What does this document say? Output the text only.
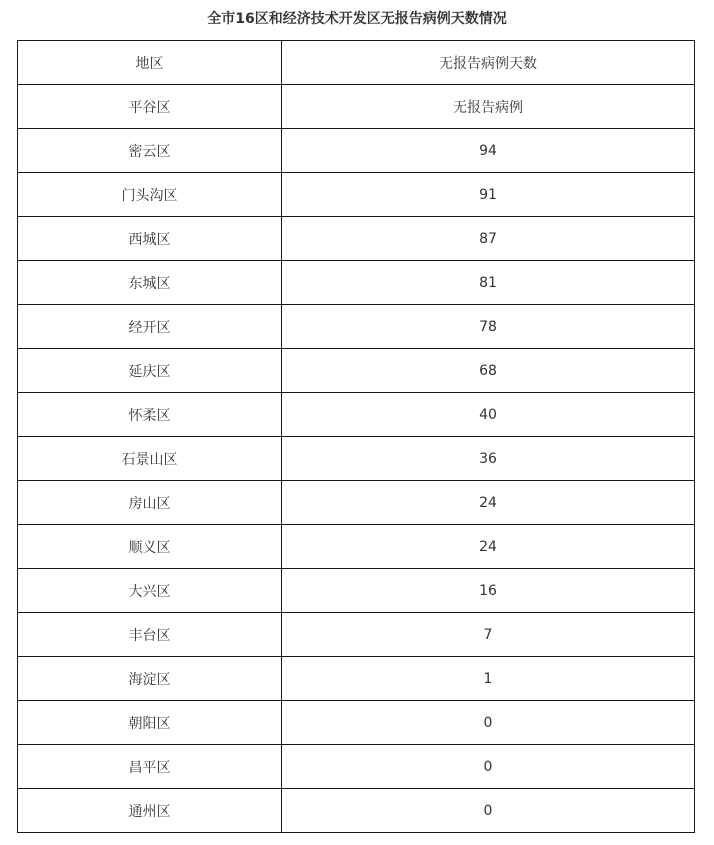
全市16区和经济技术开发区无报告病例天数情况
地区	无报告病例天数
平谷区	无报告病例
密云区	94
门头沟区	91
西城区	87
东城区	81
经开区	78
延庆区	68
怀柔区	40
石景山区	36
房山区	24
顺义区	24
大兴区	16
丰台区	7
海淀区	1
朝阳区	0
昌平区	0
通州区	0
